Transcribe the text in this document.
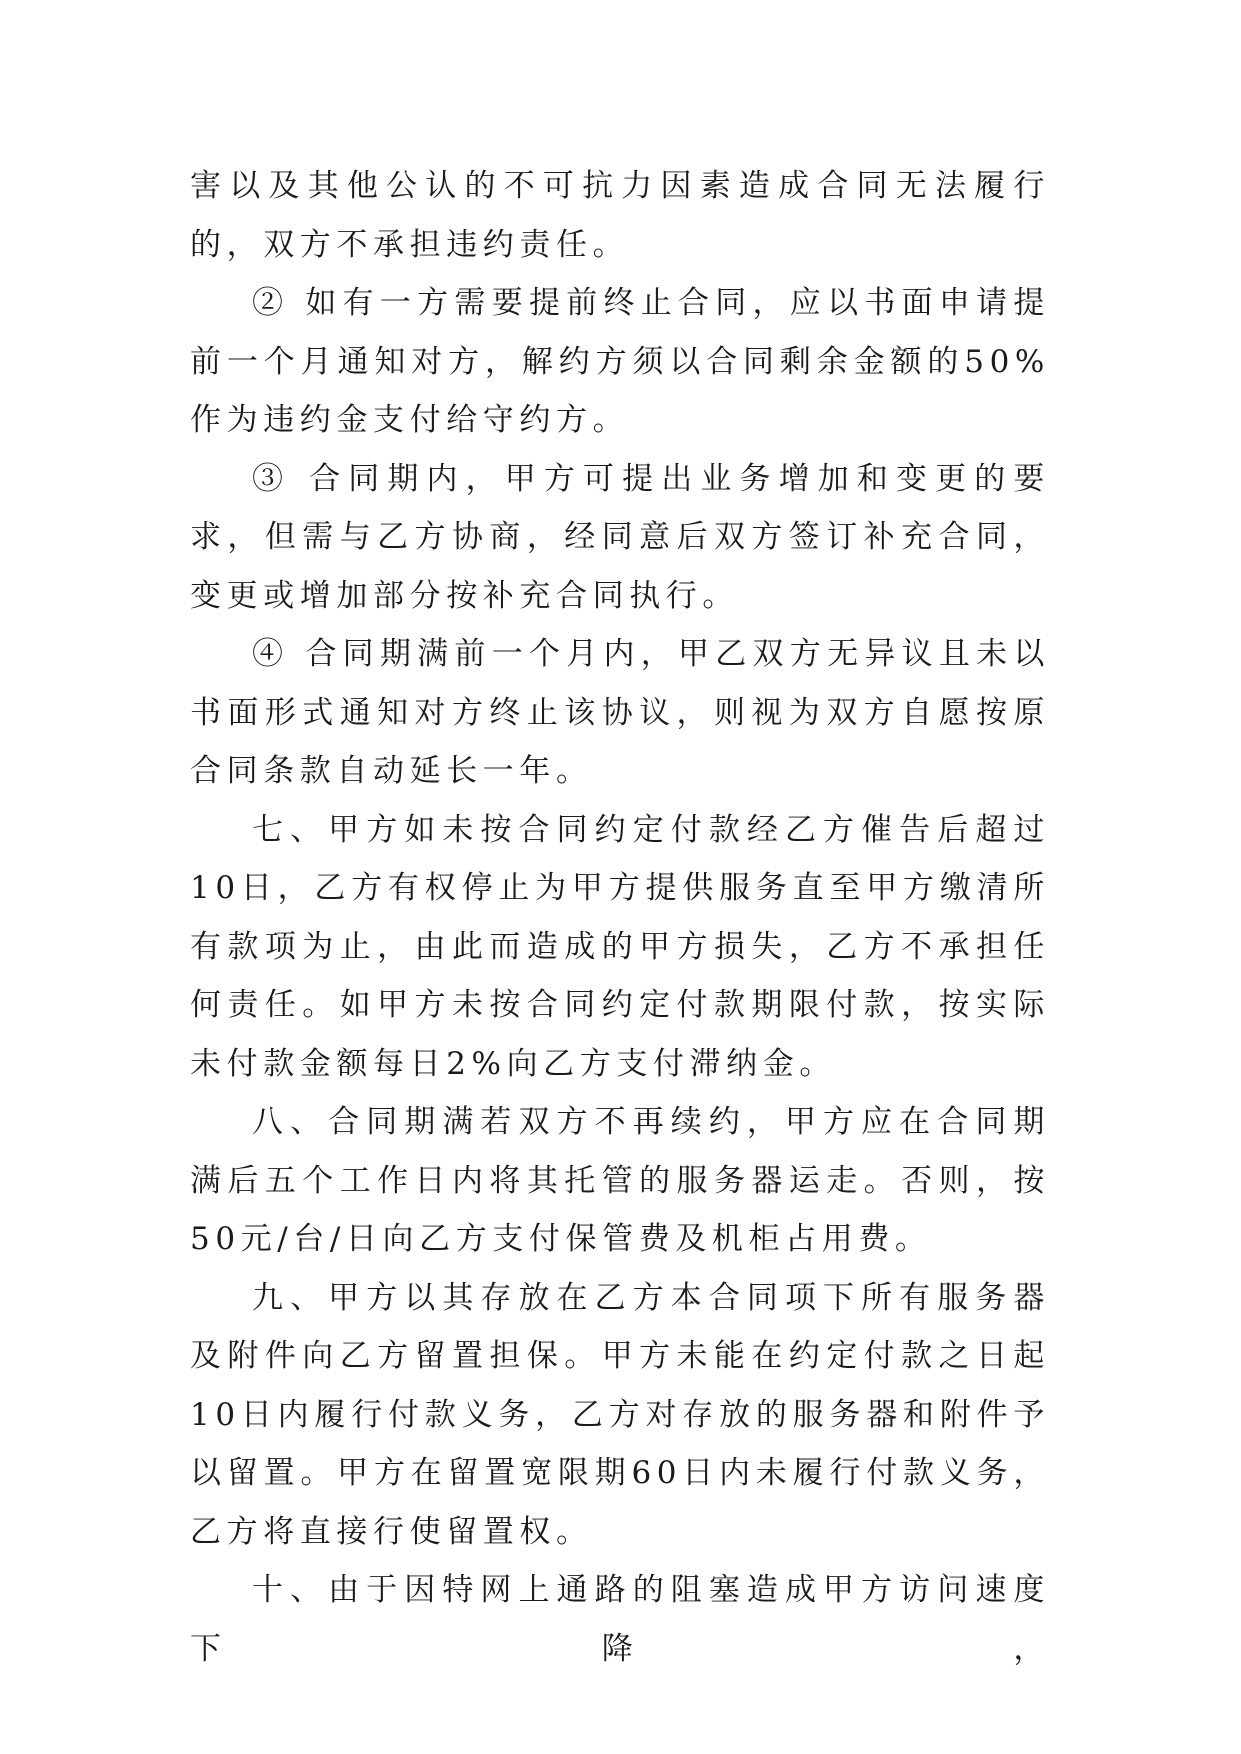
害以及其他公认的不可抗力因素造成合同无法履行的，双方不承担违约责任。

② 如有一方需要提前终止合同，应以书面申请提前一个月通知对方，解约方须以合同剩余金额的50%作为违约金支付给守约方。

③ 合同期内，甲方可提出业务增加和变更的要求，但需与乙方协商，经同意后双方签订补充合同，变更或增加部分按补充合同执行。

④ 合同期满前一个月内，甲乙双方无异议且未以书面形式通知对方终止该协议，则视为双方自愿按原合同条款自动延长一年。

七、甲方如未按合同约定付款经乙方催告后超过10日，乙方有权停止为甲方提供服务直至甲方缴清所有款项为止，由此而造成的甲方损失，乙方不承担任何责任。如甲方未按合同约定付款期限付款，按实际未付款金额每日2%向乙方支付滞纳金。

八、合同期满若双方不再续约，甲方应在合同期满后五个工作日内将其托管的服务器运走。否则，按50元/台/日向乙方支付保管费及机柜占用费。

九、甲方以其存放在乙方本合同项下所有服务器及附件向乙方留置担保。甲方未能在约定付款之日起10日内履行付款义务，乙方对存放的服务器和附件予以留置。甲方在留置宽限期60日内未履行付款义务，乙方将直接行使留置权。

十、由于因特网上通路的阻塞造成甲方访问速度下降，
